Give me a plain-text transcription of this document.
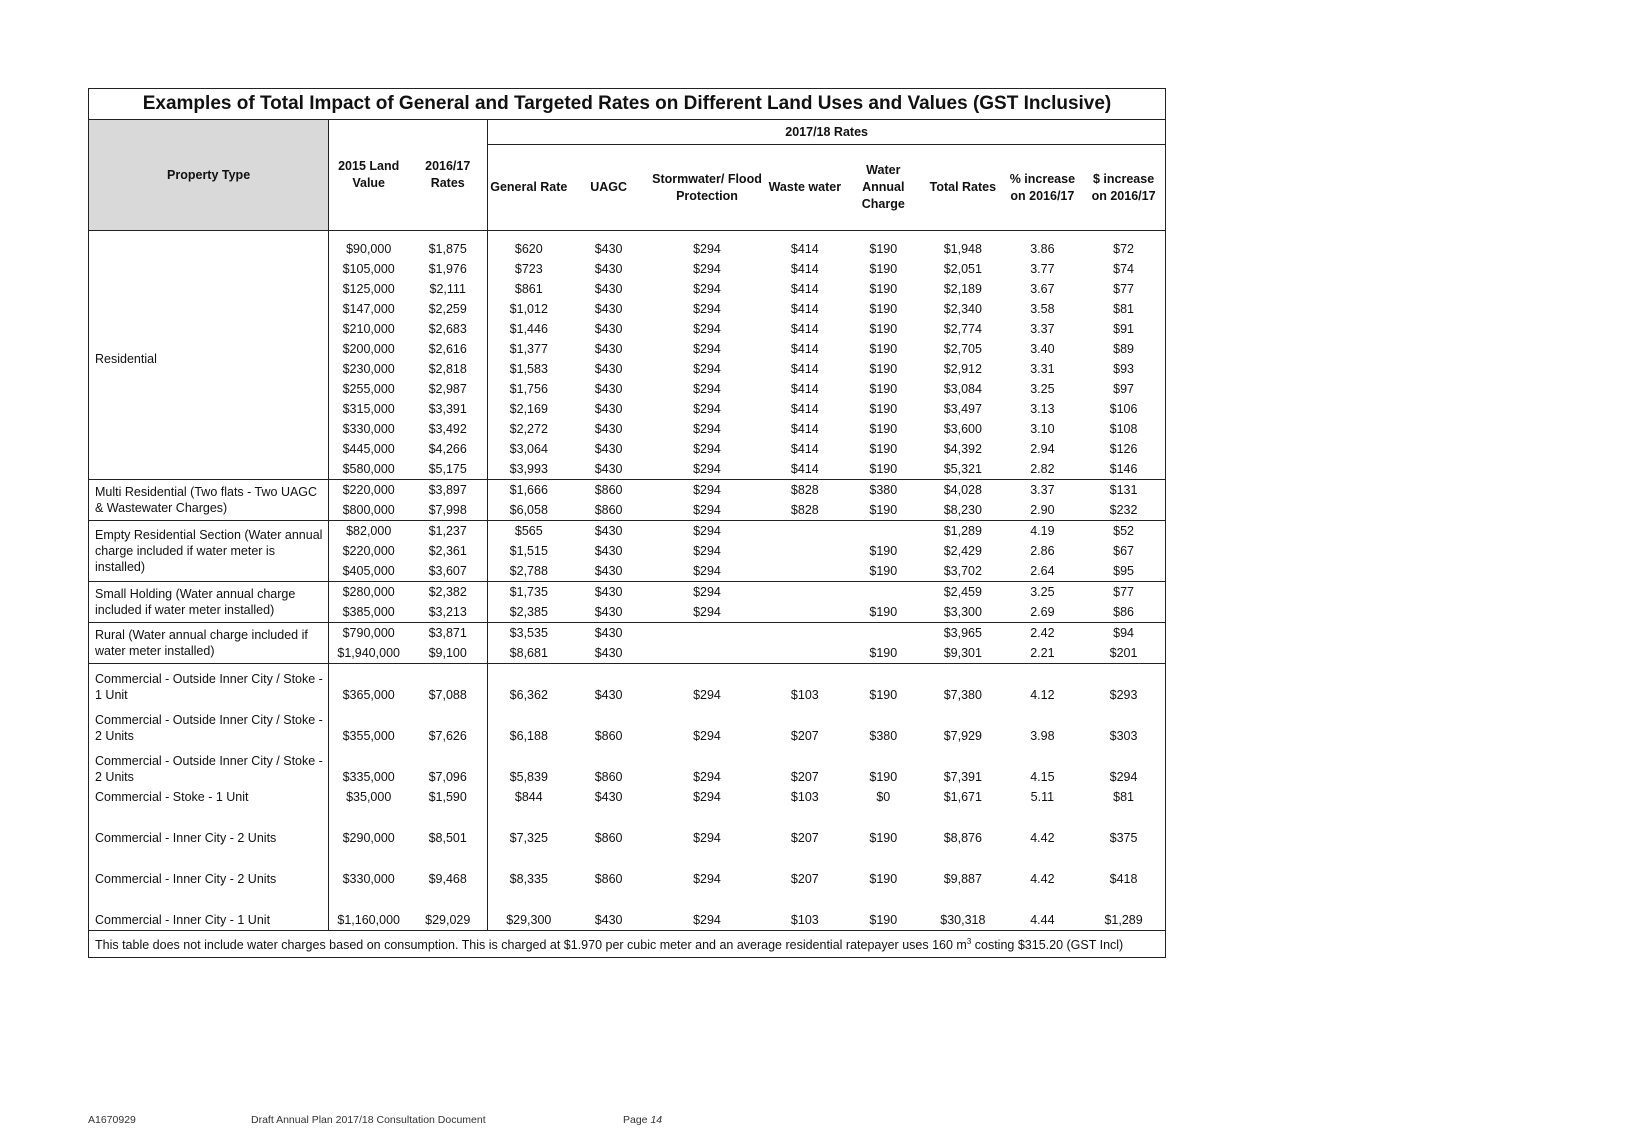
Examples of Total Impact of General and Targeted Rates on Different Land Uses and Values (GST Inclusive)
Property Type	2015 Land Value	2016/17 Rates	2017/18 Rates							
			General Rate	UAGC	Stormwater/ Flood Protection	Waste water	Water Annual Charge	Total Rates	% increase on 2016/17	$ increase on 2016/17
Residential	$90,000	$1,875	$620	$430	$294	$414	$190	$1,948	3.86	$72
	$105,000	$1,976	$723	$430	$294	$414	$190	$2,051	3.77	$74
	$125,000	$2,111	$861	$430	$294	$414	$190	$2,189	3.67	$77
	$147,000	$2,259	$1,012	$430	$294	$414	$190	$2,340	3.58	$81
	$210,000	$2,683	$1,446	$430	$294	$414	$190	$2,774	3.37	$91
	$200,000	$2,616	$1,377	$430	$294	$414	$190	$2,705	3.40	$89
	$230,000	$2,818	$1,583	$430	$294	$414	$190	$2,912	3.31	$93
	$255,000	$2,987	$1,756	$430	$294	$414	$190	$3,084	3.25	$97
	$315,000	$3,391	$2,169	$430	$294	$414	$190	$3,497	3.13	$106
	$330,000	$3,492	$2,272	$430	$294	$414	$190	$3,600	3.10	$108
	$445,000	$4,266	$3,064	$430	$294	$414	$190	$4,392	2.94	$126
	$580,000	$5,175	$3,993	$430	$294	$414	$190	$5,321	2.82	$146
Multi Residential (Two flats - Two UAGC & Wastewater Charges)	$220,000	$3,897	$1,666	$860	$294	$828	$380	$4,028	3.37	$131
	$800,000	$7,998	$6,058	$860	$294	$828	$190	$8,230	2.90	$232
Empty Residential Section (Water annual charge included if water meter is installed)	$82,000	$1,237	$565	$430	$294			$1,289	4.19	$52
	$220,000	$2,361	$1,515	$430	$294		$190	$2,429	2.86	$67
	$405,000	$3,607	$2,788	$430	$294		$190	$3,702	2.64	$95
Small Holding (Water annual charge included if water meter installed)	$280,000	$2,382	$1,735	$430	$294			$2,459	3.25	$77
	$385,000	$3,213	$2,385	$430	$294		$190	$3,300	2.69	$86
Rural (Water annual charge included if water meter installed)	$790,000	$3,871	$3,535	$430				$3,965	2.42	$94
	$1,940,000	$9,100	$8,681	$430			$190	$9,301	2.21	$201
Commercial - Outside Inner City / Stoke - 1 Unit	$365,000	$7,088	$6,362	$430	$294	$103	$190	$7,380	4.12	$293
Commercial - Outside Inner City / Stoke - 2 Units	$355,000	$7,626	$6,188	$860	$294	$207	$380	$7,929	3.98	$303
Commercial - Outside Inner City / Stoke - 2 Units	$335,000	$7,096	$5,839	$860	$294	$207	$190	$7,391	4.15	$294
Commercial - Stoke - 1 Unit	$35,000	$1,590	$844	$430	$294	$103	$0	$1,671	5.11	$81
Commercial - Inner City - 2 Units	$290,000	$8,501	$7,325	$860	$294	$207	$190	$8,876	4.42	$375
Commercial - Inner City - 2 Units	$330,000	$9,468	$8,335	$860	$294	$207	$190	$9,887	4.42	$418
Commercial - Inner City - 1 Unit	$1,160,000	$29,029	$29,300	$430	$294	$103	$190	$30,318	4.44	$1,289
This table does not include water charges based on consumption. This is charged at $1.970 per cubic meter and an average residential ratepayer uses 160 $m^3$ costing $315.20 (GST Incl)
A1670929	Draft Annual Plan 2017/18 Consultation Document	Page 14
